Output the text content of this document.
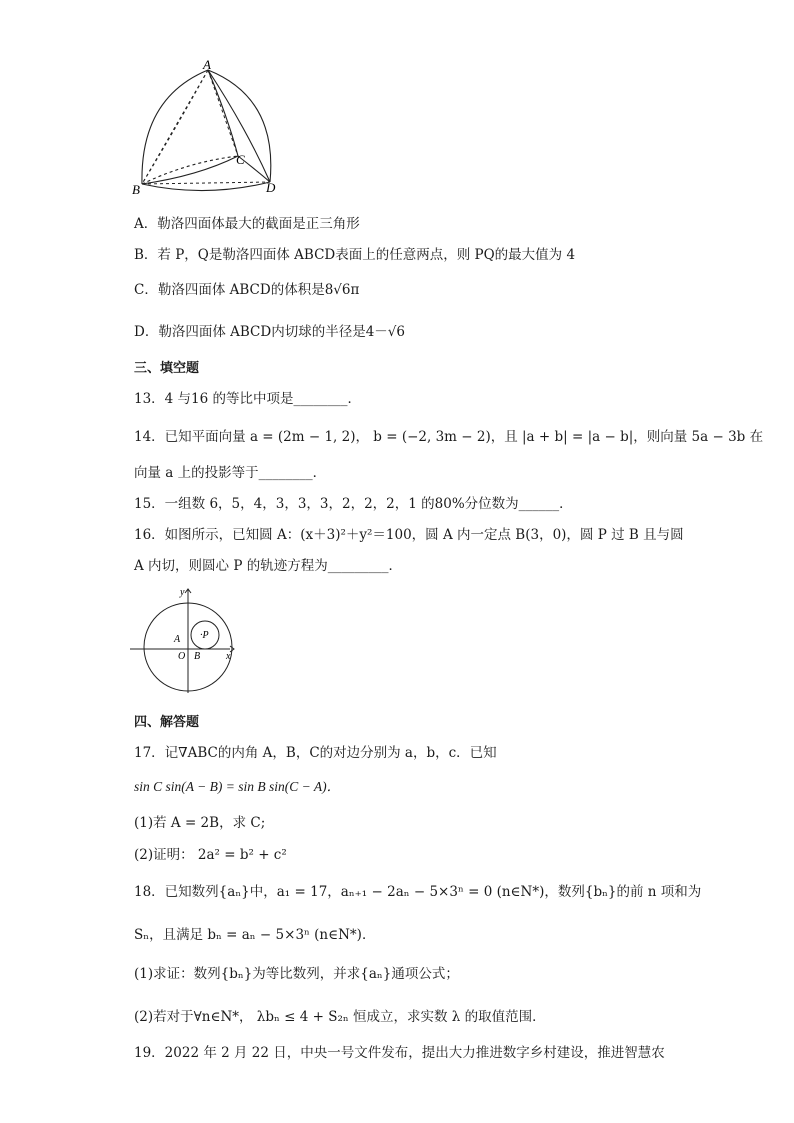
A
B
C
D
A．勒洛四面体最大的截面是正三角形
B．若 P，Q是勒洛四面体 ABCD表面上的任意两点，则 PQ的最大值为 4
C．勒洛四面体 ABCD的体积是8√6π
D．勒洛四面体 ABCD内切球的半径是4－√6
三、填空题
13．4 与16 的等比中项是________．
14．已知平面向量 a = (2m − 1, 2)， b = (−2, 3m − 2)，且 |a + b| = |a − b|，则向量 5a − 3b 在
向量 a 上的投影等于________．
15．一组数 6，5，4，3，3，3，2，2，2，1 的80%分位数为______．
16．如图所示，已知圆 A：(x＋3)²＋y²＝100，圆 A 内一定点 B(3，0)，圆 P 过 B 且与圆
A 内切，则圆心 P 的轨迹方程为_________．
y
x
A
O B
·P
四、解答题
17．记∇ABC的内角 A，B，C的对边分别为 a，b，c．已知
sin C sin(A − B) = sin B sin(C − A)．
(1)若 A = 2B，求 C;
(2)证明： 2a² = b² + c²
18．已知数列{aₙ}中，a₁ = 17，aₙ₊₁ − 2aₙ − 5×3ⁿ = 0 (n∈N*)，数列{bₙ}的前 n 项和为
Sₙ，且满足 bₙ = aₙ − 5×3ⁿ (n∈N*)．
(1)求证：数列{bₙ}为等比数列，并求{aₙ}通项公式；
(2)若对于∀n∈N*， λbₙ ≤ 4 + S₂ₙ 恒成立，求实数 λ 的取值范围．
19．2022 年 2 月 22 日，中央一号文件发布，提出大力推进数字乡村建设，推进智慧农
